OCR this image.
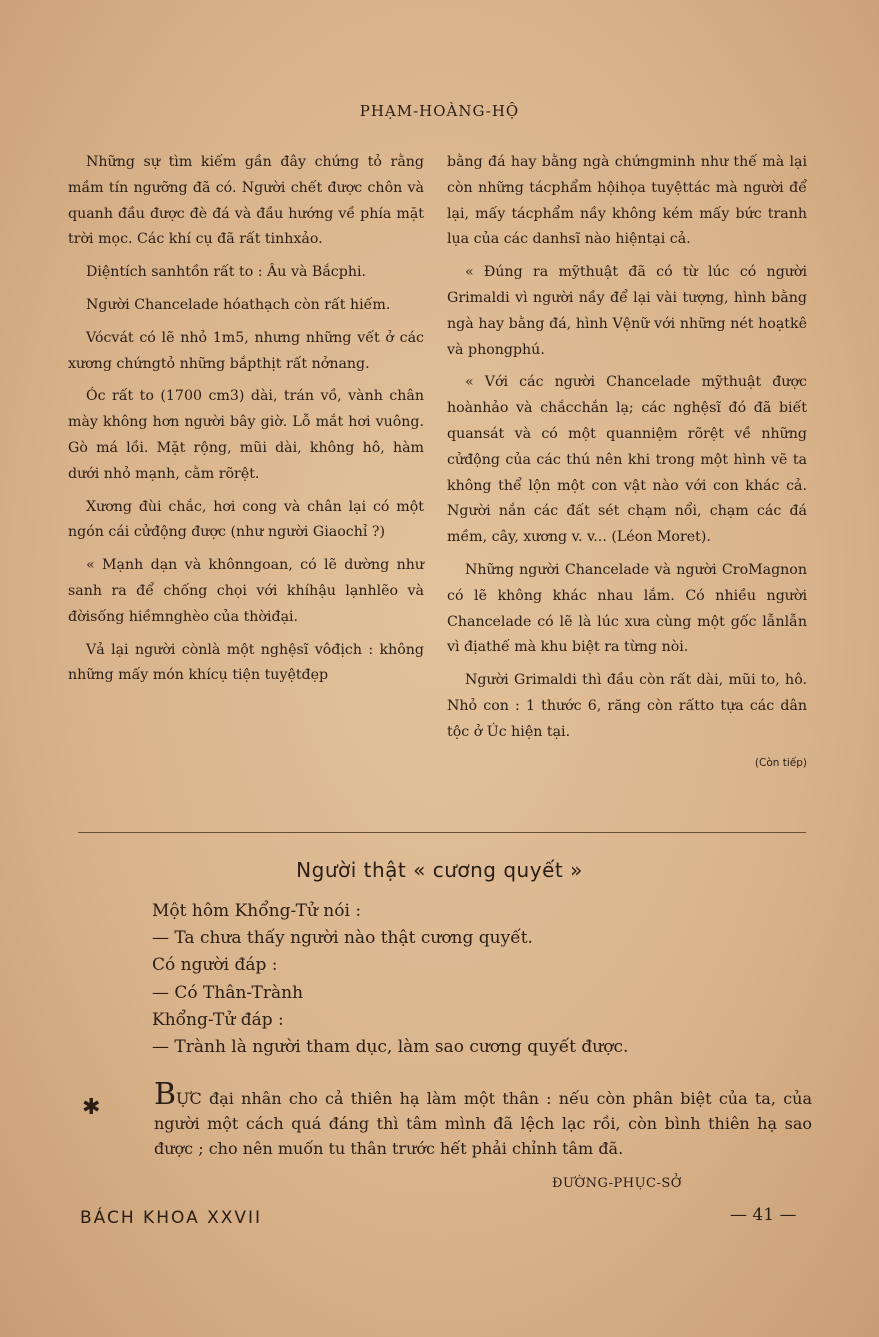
PHẠM-HOÀNG-HỘ

Những sự tìm kiếm gần đây chứng tỏ rằng mầm tín ngưỡng đã có. Người chết được chôn và quanh đầu được đè đá và đầu hướng về phía mặt trời mọc. Các khí cụ đã rất tinhxảo.

Diệntích sanhtồn rất to : Âu và Bắcphi.

Người Chancelade hóathạch còn rất hiếm.

Vócvát có lẽ nhỏ 1m5, nhưng những vết ở các xương chứngtỏ những bắpthịt rất nởnang.

Óc rất to (1700 cm3) dài, trán vồ, vành chân mày không hơn người bây giờ. Lỗ mắt hơi vuông. Gò má lồi. Mặt rộng, mũi dài, không hô, hàm dưới nhỏ mạnh, cằm rõrệt.

Xương đùi chắc, hơi cong và chân lại có một ngón cái cửđộng được (như người Giaochỉ ?)

« Mạnh dạn và khônngoan, có lẽ dường như sanh ra để chống chọi với khíhậu lạnhlẽo và đờisống hiềmnghèo của thờiđại.

Vả lại người cònlà một nghệsĩ vôđịch : không những mấy món khícụ tiện tuyệtđẹp

bằng đá hay bằng ngà chứngminh như thế mà lại còn những tácphẩm hộihọa tuyệttác mà người để lại, mấy tácphẩm nầy không kém mấy bức tranh lụa của các danhsĩ nào hiệntại cả.

« Đúng ra mỹthuật đã có từ lúc có người Grimaldi vì người nầy để lại vài tượng, hình bằng ngà hay bằng đá, hình Vệnữ với những nét hoạtkê và phongphú.

« Với các người Chancelade mỹthuật được hoànhảo và chắcchắn lạ; các nghệsĩ đó đã biết quansát và có một quanniệm rõrệt về những cửđộng của các thú nên khi trong một hình vẽ ta không thể lộn một con vật nào với con khác cả. Người nắn các đất sét chạm nổi, chạm các đá mềm, cây, xương v. v... (Léon Moret).

Những người Chancelade và người CroMagnon có lẽ không khác nhau lắm. Có nhiều người Chancelade có lẽ là lúc xưa cùng một gốc lẫnlẫn vì địathế mà khu biệt ra từng nòi.

Người Grimaldi thì đầu còn rất dài, mũi to, hô. Nhỏ con : 1 thước 6, răng còn rấtto tựa các dân tộc ở Úc hiện tại.

(Còn tiếp)
Người thật « cương quyết »
Một hôm Khổng-Tử nói :
— Ta chưa thấy người nào thật cương quyết.
Có người đáp :
— Có Thân-Trành
Khổng-Tử đáp :
— Trành là người tham dục, làm sao cương quyết được.
✱ BỰC đại nhân cho cả thiên hạ làm một thân : nếu còn phân biệt của ta, của người một cách quá đáng thì tâm mình đã lệch lạc rồi, còn bình thiên hạ sao được ; cho nên muốn tu thân trước hết phải chỉnh tâm đã.
ĐƯỜNG-PHỤC-SỞ
BÁCH KHOA XXVII	— 41 —
